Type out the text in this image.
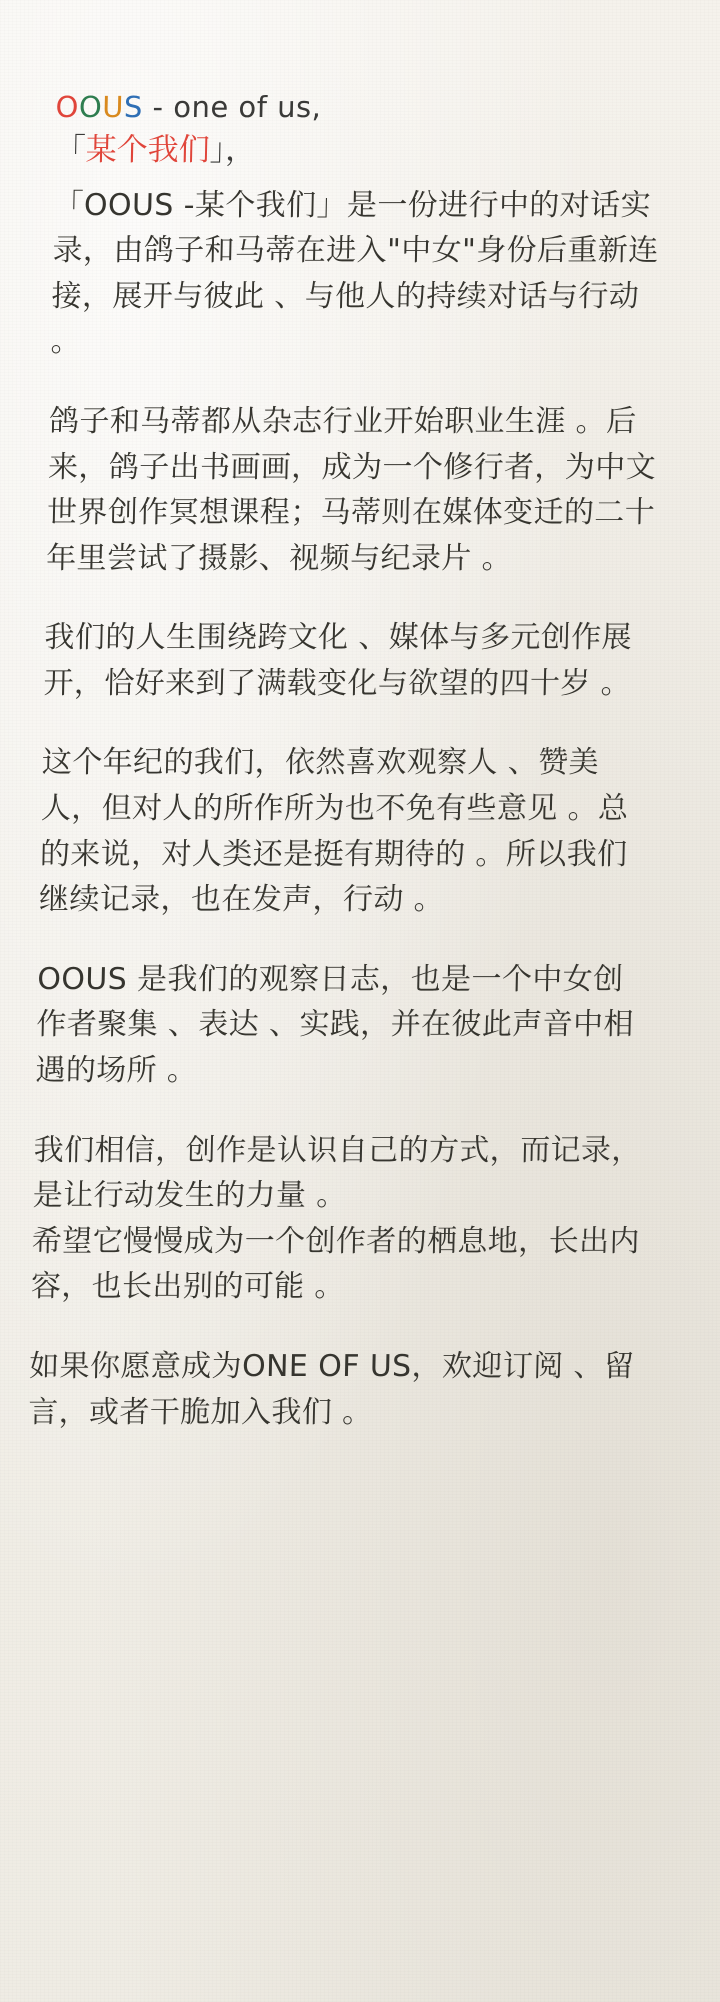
OOUS - one of us,
「某个我们」，

「OOUS -某个我们」是一份进行中的对话实录，由鸽子和马蒂在进入"中女"身份后重新连接，展开与彼此 、与他人的持续对话与行动 。

鸽子和马蒂都从杂志行业开始职业生涯 。后来，鸽子出书画画，成为一个修行者，为中文世界创作冥想课程；马蒂则在媒体变迁的二十年里尝试了摄影、视频与纪录片 。

我们的人生围绕跨文化 、媒体与多元创作展开，恰好来到了满载变化与欲望的四十岁 。

这个年纪的我们，依然喜欢观察人 、赞美人，但对人的所作所为也不免有些意见 。总的来说，对人类还是挺有期待的 。所以我们继续记录，也在发声，行动 。

OOUS 是我们的观察日志，也是一个中女创作者聚集 、表达 、实践，并在彼此声音中相遇的场所 。

我们相信，创作是认识自己的方式，而记录，是让行动发生的力量 。

希望它慢慢成为一个创作者的栖息地，长出内容，也长出别的可能 。

如果你愿意成为ONE OF US，欢迎订阅 、留言，或者干脆加入我们 。
